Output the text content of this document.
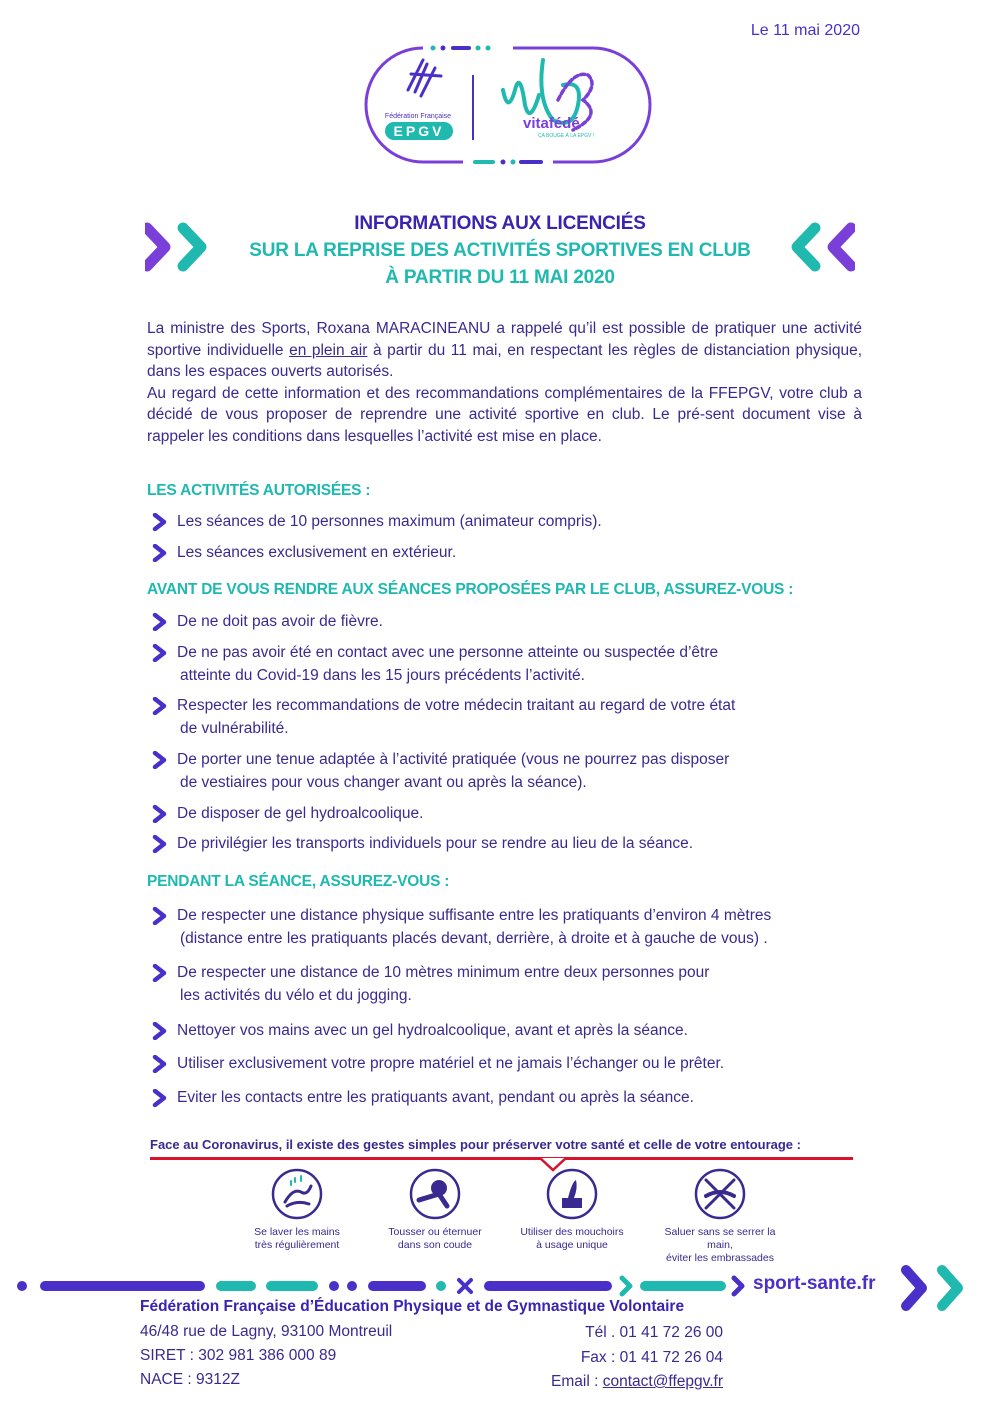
Le 11 mai 2020
Fédération Française
EPGV	vitafédé
ÇA BOUGE À LA EPGV !
INFORMATIONS AUX LICENCIÉS
SUR LA REPRISE DES ACTIVITÉS SPORTIVES EN CLUB
À PARTIR DU 11 MAI 2020

La ministre des Sports, Roxana MARACINEANU a rappelé qu’il est possible de pratiquer une activité sportive individuelle en plein air à partir du 11 mai, en respectant les règles de distanciation physique, dans les espaces ouverts autorisés.

Au regard de cette information et des recommandations complémentaires de la FFEPGV, votre club a décidé de vous proposer de reprendre une activité sportive en club. Le pré-sent document vise à rappeler les conditions dans lesquelles l’activité est mise en place.

LES ACTIVITÉS AUTORISÉES :
Les séances de 10 personnes maximum (animateur compris).
Les séances exclusivement en extérieur.
AVANT DE VOUS RENDRE AUX SÉANCES PROPOSÉES PAR LE CLUB, ASSUREZ-VOUS :
De ne doit pas avoir de fièvre.
De ne pas avoir été en contact avec une personne atteinte ou suspectée d’être
atteinte du Covid-19 dans les 15 jours précédents l’activité.
Respecter les recommandations de votre médecin traitant au regard de votre état
de vulnérabilité.
De porter une tenue adaptée à l’activité pratiquée (vous ne pourrez pas disposer
de vestiaires pour vous changer avant ou après la séance).
De disposer de gel hydroalcoolique.
De privilégier les transports individuels pour se rendre au lieu de la séance.
PENDANT LA SÉANCE, ASSUREZ-VOUS :
De respecter une distance physique suffisante entre les pratiquants d’environ 4 mètres
(distance entre les pratiquants placés devant, derrière, à droite et à gauche de vous) .
De respecter une distance de 10 mètres minimum entre deux personnes pour
les activités du vélo et du jogging.
Nettoyer vos mains avec un gel hydroalcoolique, avant et après la séance.
Utiliser exclusivement votre propre matériel et ne jamais l’échanger ou le prêter.
Eviter les contacts entre les pratiquants avant, pendant ou après la séance.
Face au Coronavirus, il existe des gestes simples pour préserver votre santé et celle de votre entourage :
Se laver les mains
très régulièrement
Tousser ou éternuer
dans son coude
Utiliser des mouchoirs
à usage unique
Saluer sans se serrer la main,
éviter les embrassades
sport-sante.fr
Fédération Française d’Éducation Physique et de Gymnastique Volontaire
46/48 rue de Lagny, 93100 Montreuil
SIRET : 302 981 386 000 89
NACE : 9312Z
Tél . 01 41 72 26 00
Fax : 01 41 72 26 04
Email : contact@ffepgv.fr
